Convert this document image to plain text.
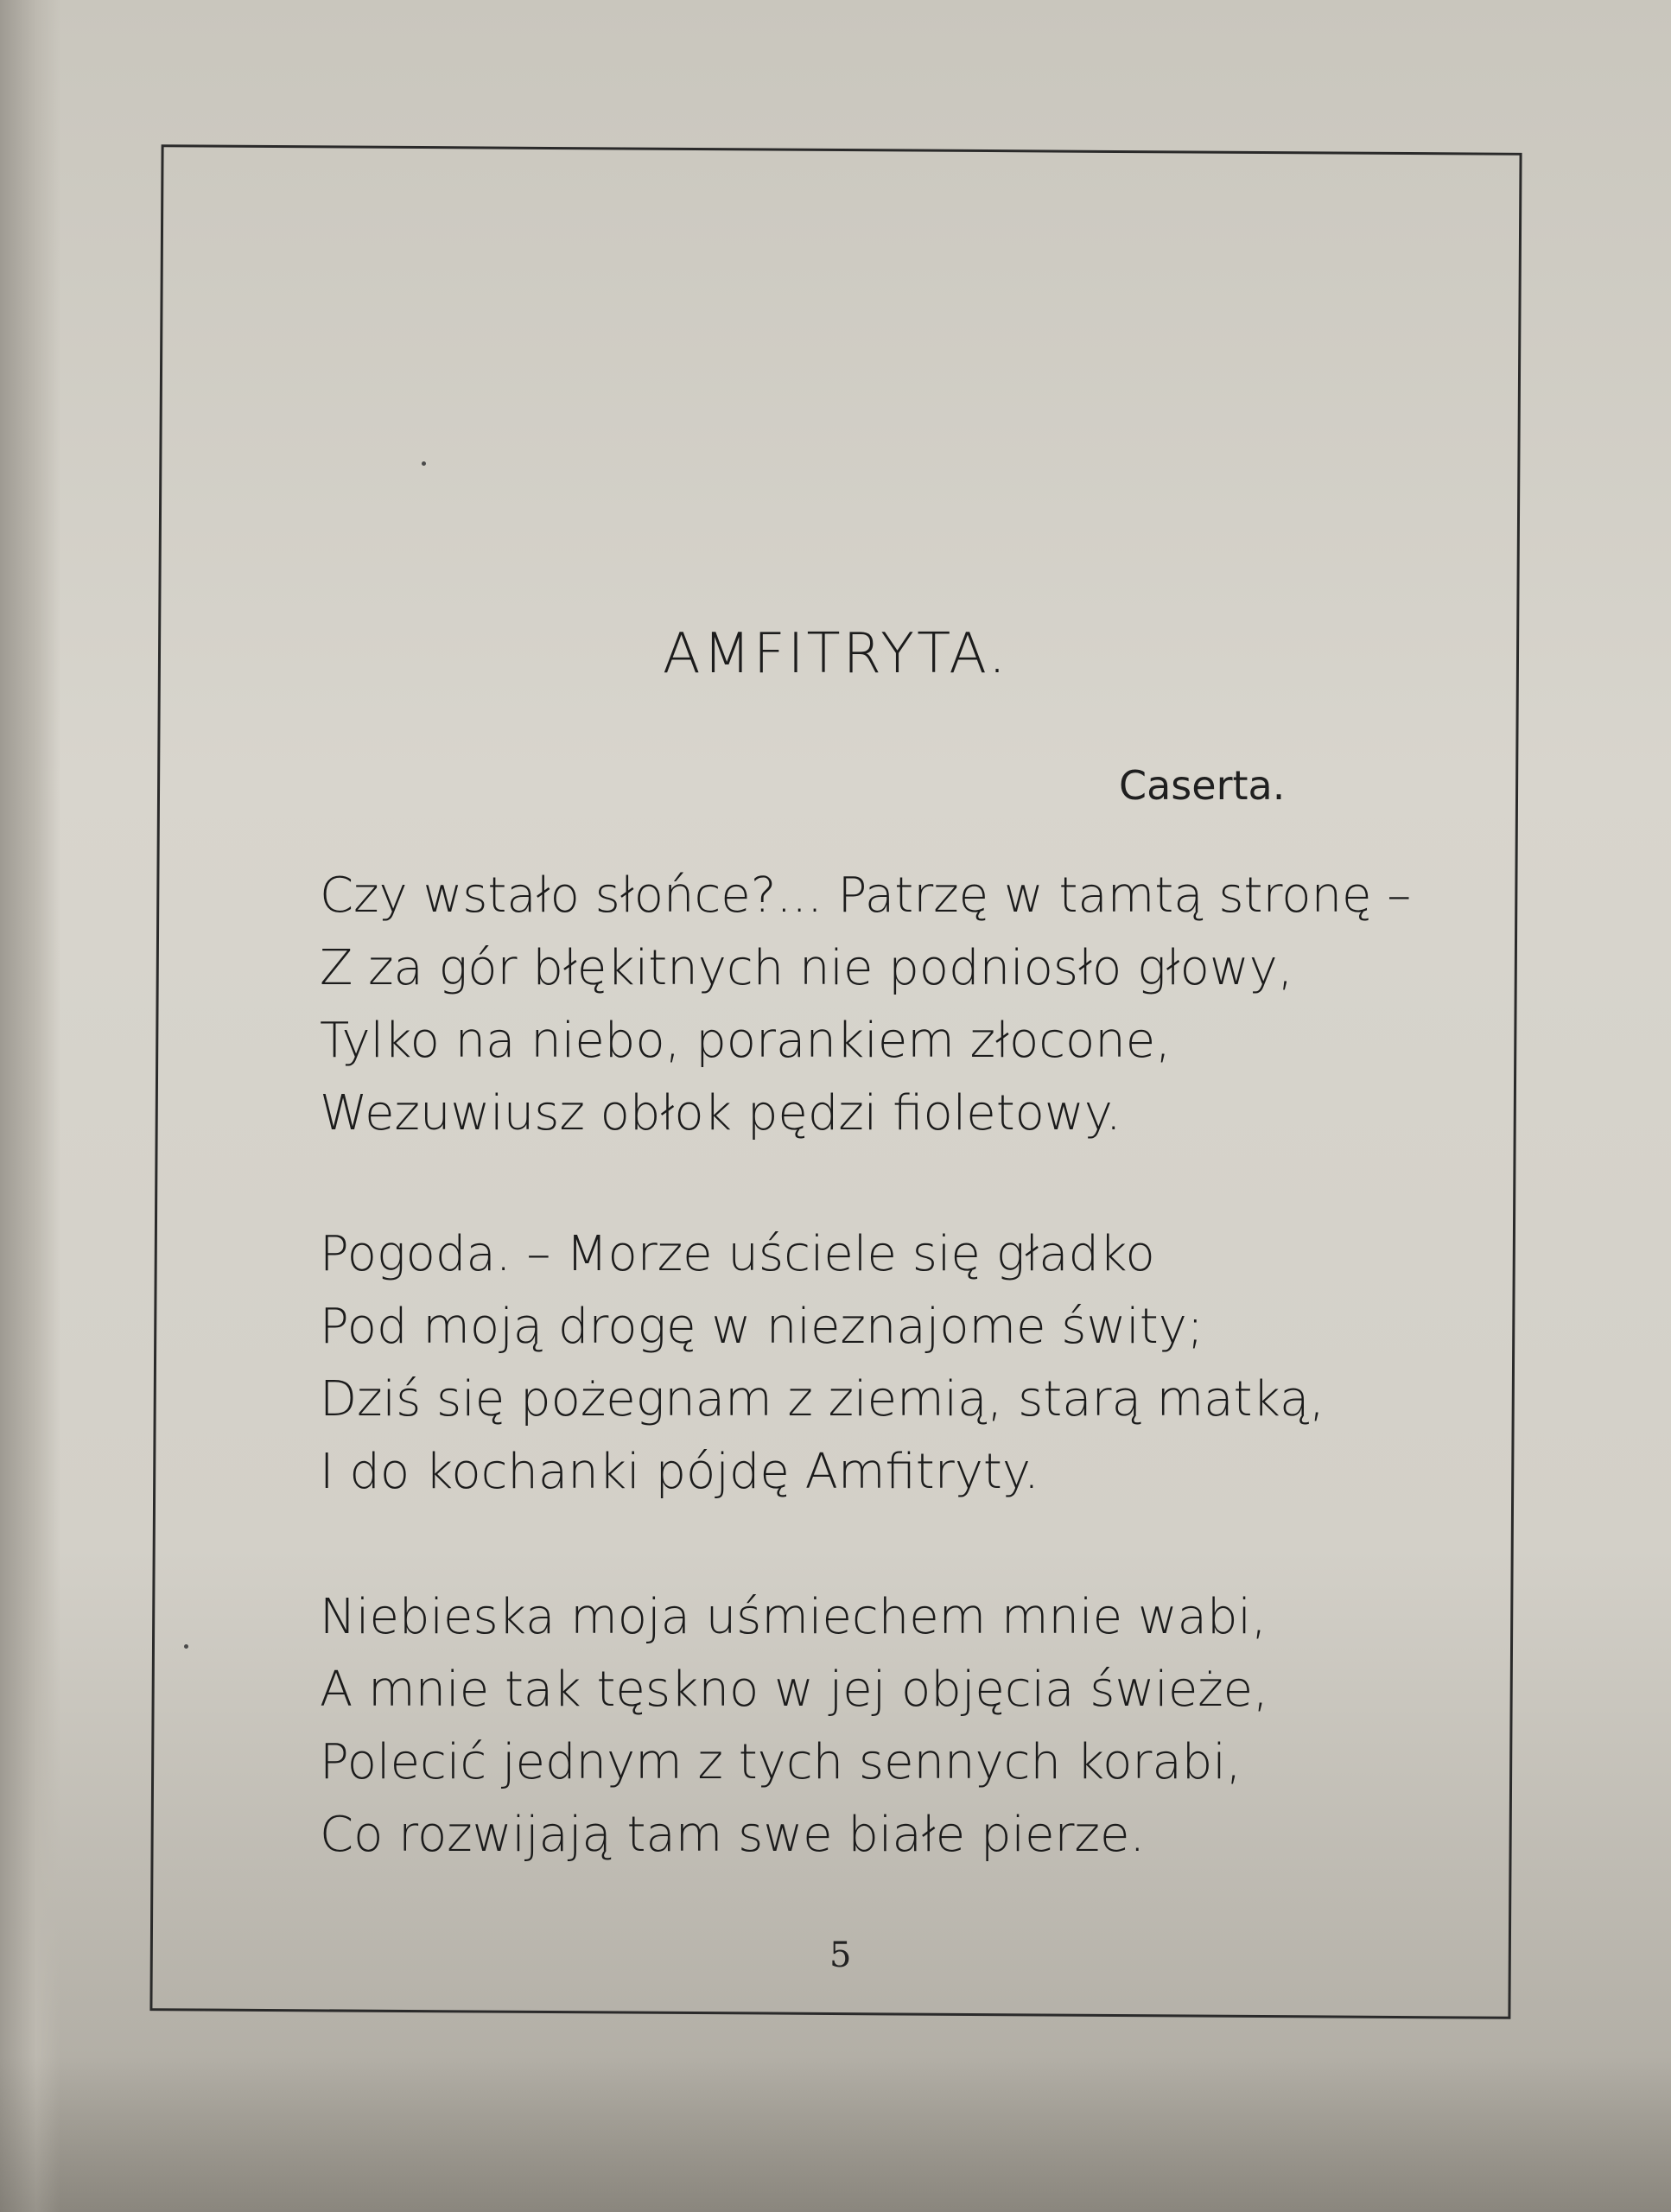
AMFITRYTA.
Caserta.
Czy wstało słońce?... Patrzę w tamtą stronę –
Z za gór błękitnych nie podniosło głowy,
Tylko na niebo, porankiem złocone,
Wezuwiusz obłok pędzi fioletowy.
Pogoda. – Morze uściele się gładko
Pod moją drogę w nieznajome świty;
Dziś się pożegnam z ziemią, starą matką,
I do kochanki pójdę Amfitryty.
Niebieska moja uśmiechem mnie wabi,
A mnie tak tęskno w jej objęcia świeże,
Polecić jednym z tych sennych korabi,
Co rozwijają tam swe białe pierze.
5
